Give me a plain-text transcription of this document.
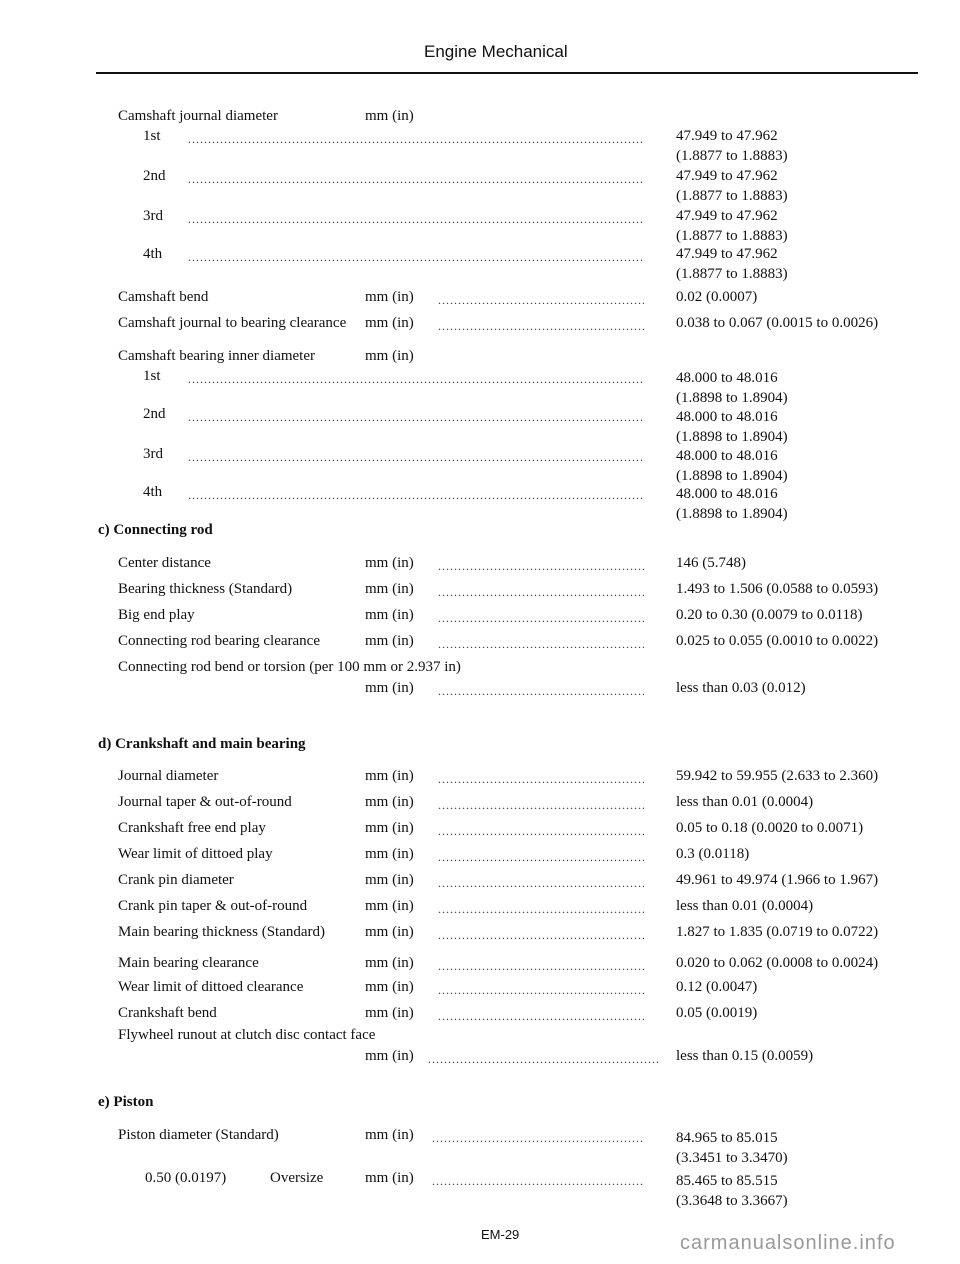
Engine Mechanical
Camshaft journal diameter	mm (in)
1st .....	47.949 to 47.962
(1.8877 to 1.8883)
2nd .....	47.949 to 47.962
(1.8877 to 1.8883)
3rd .....	47.949 to 47.962
(1.8877 to 1.8883)
4th .....	47.949 to 47.962
(1.8877 to 1.8883)
Camshaft bend	mm (in) .....	0.02 (0.0007)
Camshaft journal to bearing clearance mm (in) .....	0.038 to 0.067 (0.0015 to 0.0026)
Camshaft bearing inner diameter	mm (in)
1st .....	48.000 to 48.016
(1.8898 to 1.8904)
2nd .....	48.000 to 48.016
(1.8898 to 1.8904)
3rd .....	48.000 to 48.016
(1.8898 to 1.8904)
4th .....	48.000 to 48.016
(1.8898 to 1.8904)
c) Connecting rod
Center distance	mm (in) .....	146 (5.748)
Bearing thickness (Standard)	mm (in) .....	1.493 to 1.506 (0.0588 to 0.0593)
Big end play	mm (in) .....	0.20 to 0.30 (0.0079 to 0.0118)
Connecting rod bearing clearance	mm (in) .....	0.025 to 0.055 (0.0010 to 0.0022)
Connecting rod bend or torsion (per 100 mm or 2.937 in)
mm (in) .....	less than 0.03 (0.012)
d) Crankshaft and main bearing
Journal diameter	mm (in) .....	59.942 to 59.955 (2.633 to 2.360)
Journal taper & out-of-round	mm (in) .....	less than 0.01 (0.0004)
Crankshaft free end play	mm (in) .....	0.05 to 0.18 (0.0020 to 0.0071)
Wear limit of dittoed play	mm (in) .....	0.3 (0.0118)
Crank pin diameter	mm (in) .....	49.961 to 49.974 (1.966 to 1.967)
Crank pin taper & out-of-round	mm (in) .....	less than 0.01 (0.0004)
Main bearing thickness (Standard)	mm (in) .....	1.827 to 1.835 (0.0719 to 0.0722)
Main bearing clearance	mm (in) .....	0.020 to 0.062 (0.0008 to 0.0024)
Wear limit of dittoed clearance	mm (in) .....	0.12 (0.0047)
Crankshaft bend	mm (in) .....	0.05 (0.0019)
Flywheel runout at clutch disc contact face
mm (in) .....	less than 0.15 (0.0059)
e) Piston
Piston diameter (Standard)	mm (in) .....	84.965 to 85.015
(3.3451 to 3.3470)
0.50 (0.0197)	Oversize	mm (in) .....	85.465 to 85.515
(3.3648 to 3.3667)
EM-29	carmanualsonline.info
